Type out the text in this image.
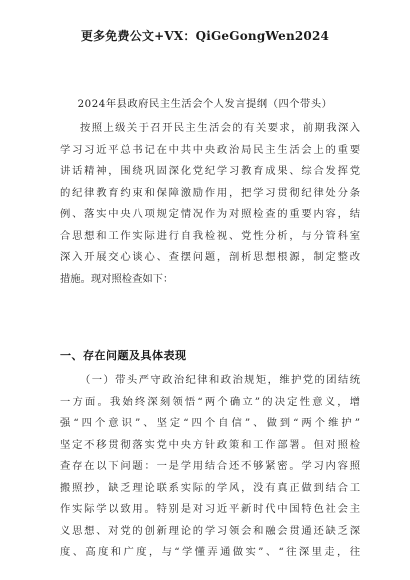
更多免费公文+VX：QiGeGongWen2024
2024年县政府民主生活会个人发言提纲（四个带头）
按照上级关于召开民主生活会的有关要求，前期我深入
学习习近平总书记在中共中央政治局民主生活会上的重要
讲话精神，围绕巩固深化党纪学习教育成果、综合发挥党
的纪律教育约束和保障激励作用，把学习贯彻纪律处分条
例、落实中央八项规定情况作为对照检查的重要内容，结
合思想和工作实际进行自我检视、党性分析，与分管科室
深入开展交心谈心、查摆问题，剖析思想根源，制定整改
措施。现对照检查如下：
一、存在问题及具体表现
（一）带头严守政治纪律和政治规矩，维护党的团结统
一方面。我始终深刻领悟“两个确立”的决定性意义，增
强“四个意识”、坚定“四个自信”、做到“两个维护”
坚定不移贯彻落实党中央方针政策和工作部署。但对照检
查存在以下问题：一是学用结合还不够紧密。学习内容照
搬照抄，缺乏理论联系实际的学风，没有真正做到结合工
作实际学以致用。特别是对习近平新时代中国特色社会主
义思想、对党的创新理论的学习领会和融会贯通还缺乏深
度、高度和广度，与“学懂弄通做实”、“往深里走，往
